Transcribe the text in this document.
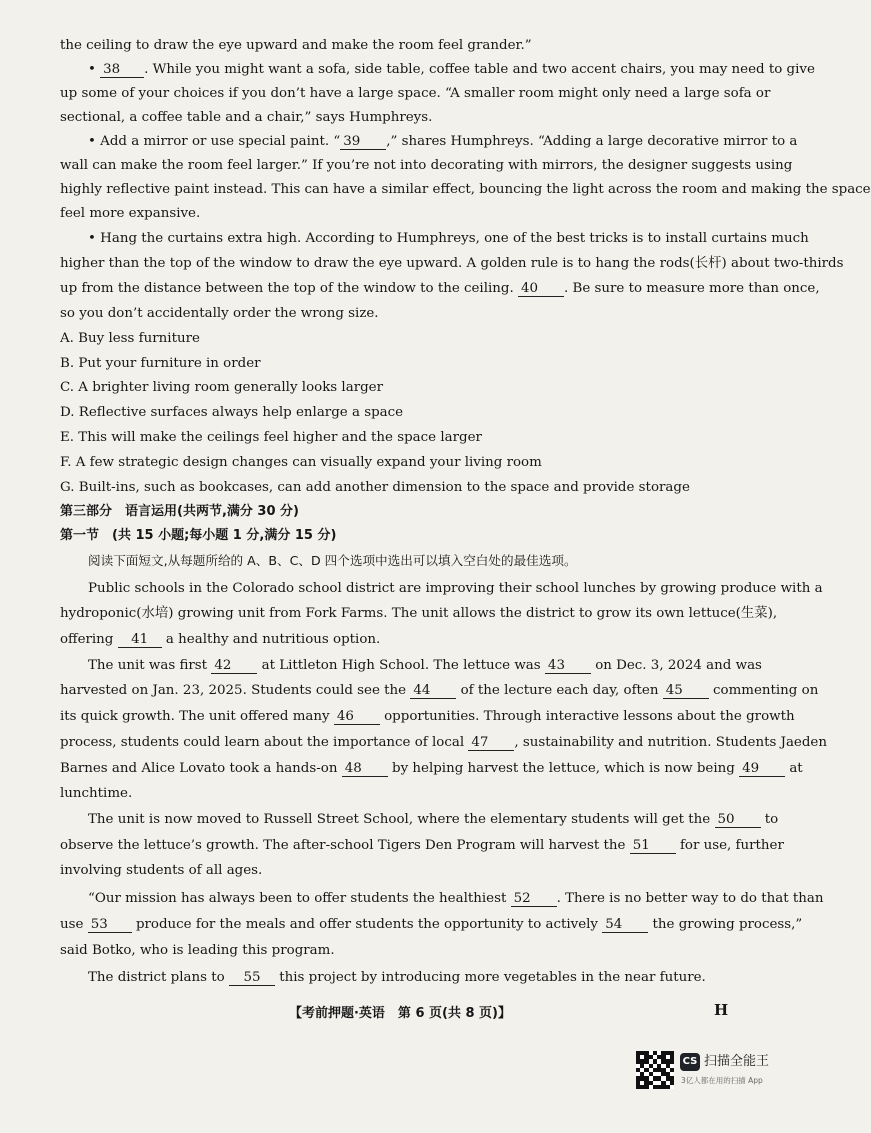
the ceiling to draw the eye upward and make the room feel grander.”
• 38 . While you might want a sofa, side table, coffee table and two accent chairs, you may need to give
up some of your choices if you don’t have a large space. “A smaller room might only need a large sofa or
sectional, a coffee table and a chair,” says Humphreys.
• Add a mirror or use special paint. “ 39 ,” shares Humphreys. “Adding a large decorative mirror to a
wall can make the room feel larger.” If you’re not into decorating with mirrors, the designer suggests using
highly reflective paint instead. This can have a similar effect, bouncing the light across the room and making the space
feel more expansive.
• Hang the curtains extra high. According to Humphreys, one of the best tricks is to install curtains much
higher than the top of the window to draw the eye upward. A golden rule is to hang the rods(长杆) about two-thirds
up from the distance between the top of the window to the ceiling. 40 . Be sure to measure more than once,
so you don’t accidentally order the wrong size.
A. Buy less furniture
B. Put your furniture in order
C. A brighter living room generally looks larger
D. Reflective surfaces always help enlarge a space
E. This will make the ceilings feel higher and the space larger
F. A few strategic design changes can visually expand your living room
G. Built-ins, such as bookcases, can add another dimension to the space and provide storage
第三部分　语言运用(共两节,满分 30 分)
第一节　(共 15 小题;每小题 1 分,满分 15 分)
阅读下面短文,从每题所给的 A、B、C、D 四个选项中选出可以填入空白处的最佳选项。
Public schools in the Colorado school district are improving their school lunches by growing produce with a
hydroponic(水培) growing unit from Fork Farms. The unit allows the district to grow its own lettuce(生菜),
offering 41 a healthy and nutritious option.
The unit was first 42 at Littleton High School. The lettuce was 43 on Dec. 3, 2024 and was
harvested on Jan. 23, 2025. Students could see the 44 of the lecture each day, often 45 commenting on
its quick growth. The unit offered many 46 opportunities. Through interactive lessons about the growth
process, students could learn about the importance of local 47 , sustainability and nutrition. Students Jaeden
Barnes and Alice Lovato took a hands-on 48 by helping harvest the lettuce, which is now being 49 at
lunchtime.
The unit is now moved to Russell Street School, where the elementary students will get the 50 to
observe the lettuce’s growth. The after-school Tigers Den Program will harvest the 51 for use, further
involving students of all ages.
“Our mission has always been to offer students the healthiest 52 . There is no better way to do that than
use 53 produce for the meals and offer students the opportunity to actively 54 the growing process,”
said Botko, who is leading this program.
The district plans to 55 this project by introducing more vegetables in the near future.
【考前押题·英语　第 6 页(共 8 页)】	H
CS 扫描全能王
3亿人都在用的扫描 App
